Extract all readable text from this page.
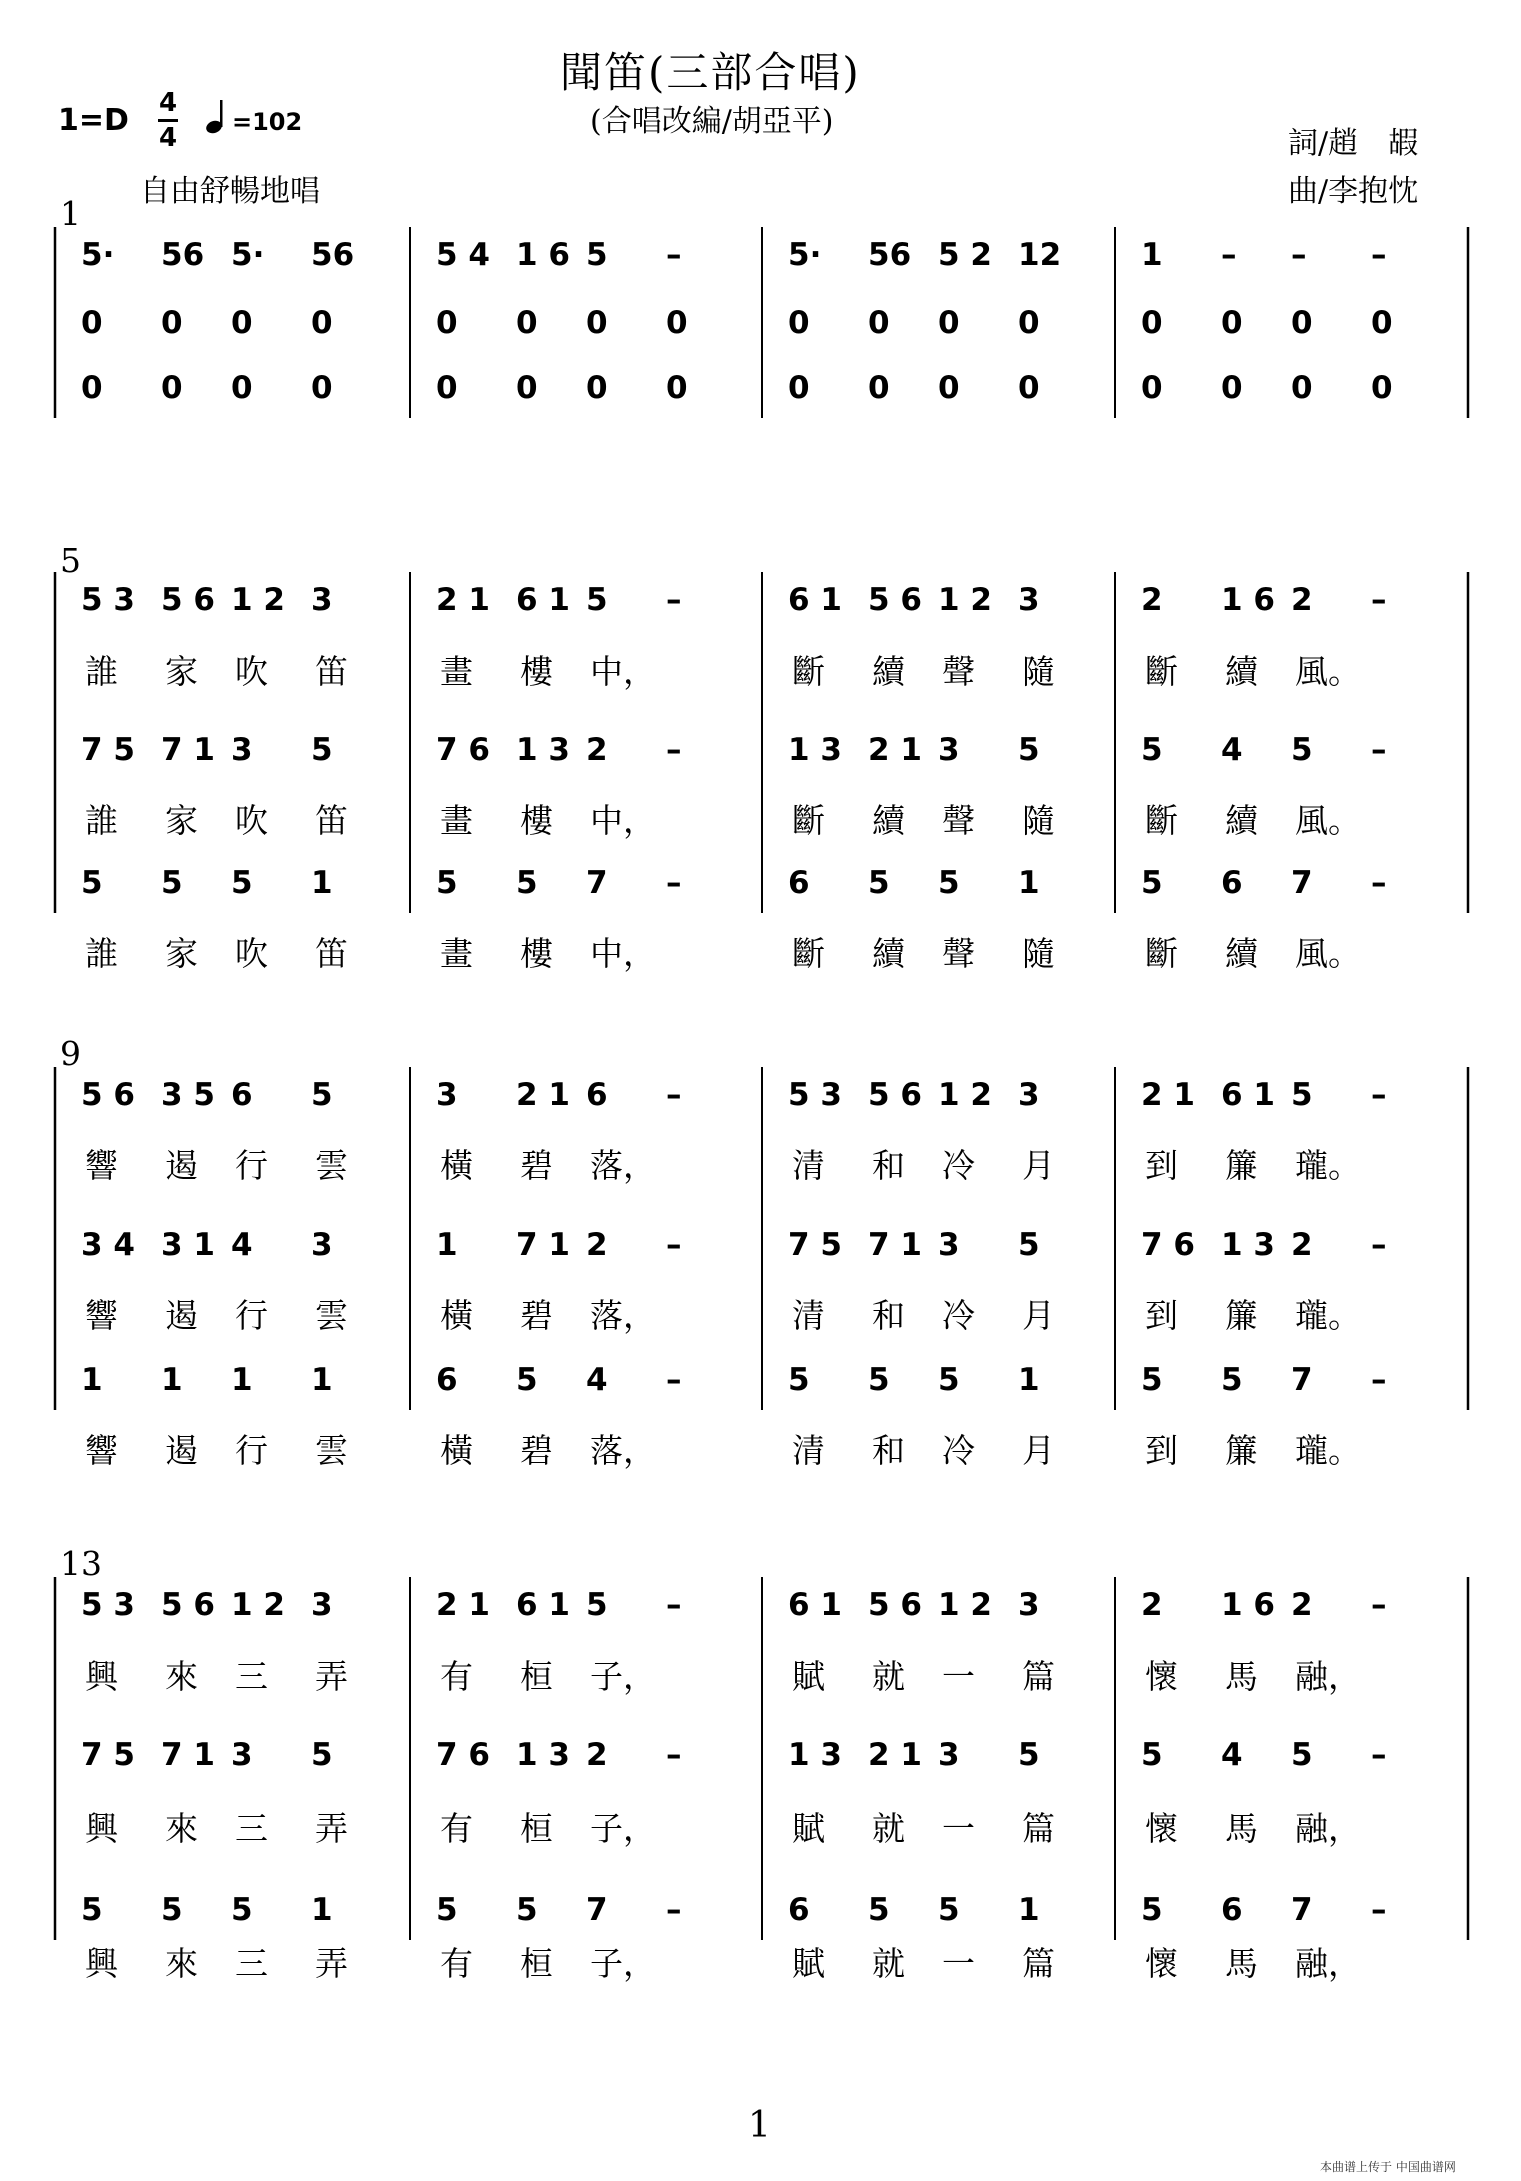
聞笛(三部合唱)
(合唱改編/胡亞平)
1=D 4
4
=102
自由舒暢地唱
詞/趙　嘏
曲/李抱忱
1
5· 56 5· 56	5 4 1 6 5 –	5· 56 5 2 12	1 – – –
0 0 0 0	0 0 0 0	0 0 0 0	0 0 0 0
0 0 0 0	0 0 0 0	0 0 0 0	0 0 0 0
5
5 3 5 6 1 2 3	2 1 6 1 5 –	6 1 5 6 1 2 3	2 1 6 2 –
誰 家 吹 笛	畫 樓 中，	斷 續 聲 隨	斷 續 風。
7 5 7 1 3 5	7 6 1 3 2 –	1 3 2 1 3 5	5 4 5 –
誰 家 吹 笛	畫 樓 中，	斷 續 聲 隨	斷 續 風。
5 5 5 1	5 5 7 –	6 5 5 1	5 6 7 –
誰 家 吹 笛	畫 樓 中，	斷 續 聲 隨	斷 續 風。
9
5 6 3 5 6 5	3 2 1 6 –	5 3 5 6 1 2 3	2 1 6 1 5 –
響 遏 行 雲	橫 碧 落，	清 和 冷 月	到 簾 瓏。
3 4 3 1 4 3	1 7 1 2 –	7 5 7 1 3 5	7 6 1 3 2 –
響 遏 行 雲	橫 碧 落，	清 和 冷 月	到 簾 瓏。
1 1 1 1	6 5 4 –	5 5 5 1	5 5 7 –
響 遏 行 雲	橫 碧 落，	清 和 冷 月	到 簾 瓏。
13
5 3 5 6 1 2 3	2 1 6 1 5 –	6 1 5 6 1 2 3	2 1 6 2 –
興 來 三 弄	有 桓 子，	賦 就 一 篇	懷 馬 融，
7 5 7 1 3 5	7 6 1 3 2 –	1 3 2 1 3 5	5 4 5 –
興 來 三 弄	有 桓 子，	賦 就 一 篇	懷 馬 融，
5 5 5 1	5 5 7 –	6 5 5 1	5 6 7 –
興 來 三 弄	有 桓 子，	賦 就 一 篇	懷 馬 融，
1
本曲谱上传于 中国曲谱网
